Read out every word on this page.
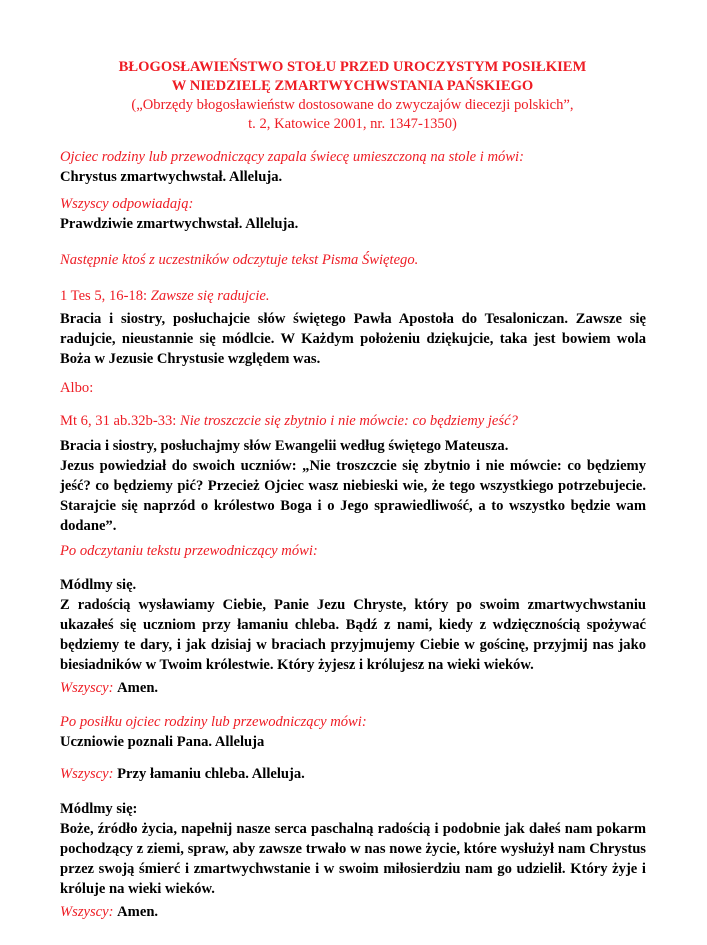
BŁOGOSŁAWIEŃSTWO STOŁU PRZED UROCZYSTYM POSIŁKIEM
W NIEDZIELĘ ZMARTWYCHWSTANIA PAŃSKIEGO
(„Obrzędy błogosławieństw dostosowane do zwyczajów diecezji polskich”,
t. 2, Katowice 2001, nr. 1347-1350)
Ojciec rodziny lub przewodniczący zapala świecę umieszczoną na stole i mówi:
Chrystus zmartwychwstał. Alleluja.
Wszyscy odpowiadają:
Prawdziwie zmartwychwstał. Alleluja.
Następnie ktoś z uczestników odczytuje tekst Pisma Świętego.
1 Tes 5, 16-18: Zawsze się radujcie.
Bracia i siostry, posłuchajcie słów świętego Pawła Apostoła do Tesaloniczan. Zawsze się radujcie, nieustannie się módlcie. W Każdym położeniu dziękujcie, taka jest bowiem wola Boża w Jezusie Chrystusie względem was.
Albo:
Mt 6, 31 ab.32b-33: Nie troszczcie się zbytnio i nie mówcie: co będziemy jeść?
Bracia i siostry, posłuchajmy słów Ewangelii według świętego Mateusza.
Jezus powiedział do swoich uczniów: „Nie troszczcie się zbytnio i nie mówcie: co będziemy jeść? co będziemy pić? Przecież Ojciec wasz niebieski wie, że tego wszystkiego potrzebujecie. Starajcie się naprzód o królestwo Boga i o Jego sprawiedliwość, a to wszystko będzie wam dodane”.
Po odczytaniu tekstu przewodniczący mówi:
Módlmy się.
Z radością wysławiamy Ciebie, Panie Jezu Chryste, który po swoim zmartwychwstaniu ukazałeś się uczniom przy łamaniu chleba. Bądź z nami, kiedy z wdzięcznością spożywać będziemy te dary, i jak dzisiaj w braciach przyjmujemy Ciebie w gościnę, przyjmij nas jako biesiadników w Twoim królestwie. Który żyjesz i królujesz na wieki wieków.
Wszyscy: Amen.
Po posiłku ojciec rodziny lub przewodniczący mówi:
Uczniowie poznali Pana. Alleluja
Wszyscy: Przy łamaniu chleba. Alleluja.
Módlmy się:
Boże, źródło życia, napełnij nasze serca paschalną radością i podobnie jak dałeś nam pokarm pochodzący z ziemi, spraw, aby zawsze trwało w nas nowe życie, które wysłużył nam Chrystus przez swoją śmierć i zmartwychwstanie i w swoim miłosierdziu nam go udzielił. Który żyje i króluje na wieki wieków.
Wszyscy: Amen.
